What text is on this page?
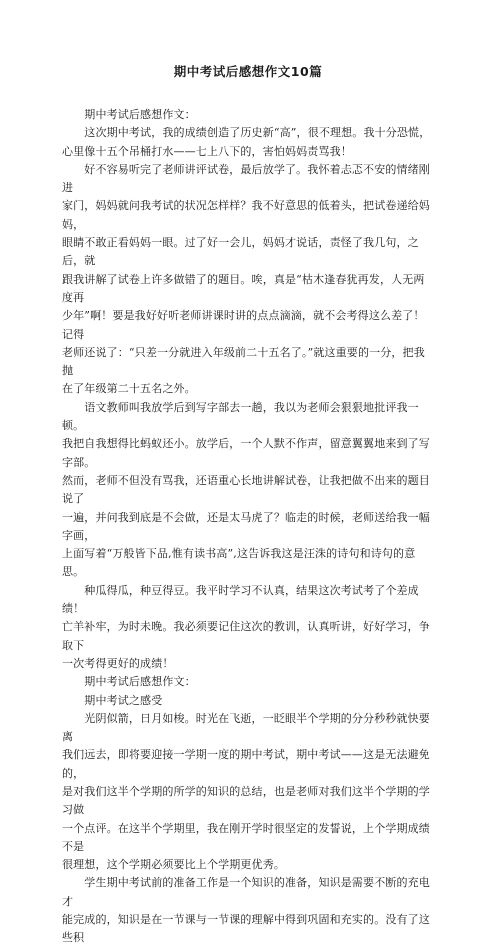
期中考试后感想作文10篇

　　期中考试后感想作文：

　　这次期中考试，我的成绩创造了历史新“高”，很不理想。我十分恐慌，

心里像十五个吊桶打水——七上八下的，害怕妈妈责骂我！

　　好不容易听完了老师讲评试卷，最后放学了。我怀着忐忑不安的情绪刚进

家门，妈妈就问我考试的状况怎样样？我不好意思的低着头，把试卷递给妈妈，

眼睛不敢正看妈妈一眼。过了好一会儿，妈妈才说话，责怪了我几句，之后，就

跟我讲解了试卷上许多做错了的题目。唉，真是“枯木逢春犹再发，人无两度再

少年”啊！要是我好好听老师讲课时讲的点点滴滴，就不会考得这么差了！记得

老师还说了：“只差一分就进入年级前二十五名了。”就这重要的一分，把我抛

在了年级第二十五名之外。

　　语文教师叫我放学后到写字部去一趟，我以为老师会狠狠地批评我一顿。

我把自我想得比蚂蚁还小。放学后，一个人默不作声，留意翼翼地来到了写字部。

然而，老师不但没有骂我，还语重心长地讲解试卷，让我把做不出来的题目说了

一遍，并问我到底是不会做，还是太马虎了？临走的时候，老师送给我一幅字画，

上面写着“万般皆下品,惟有读书高”,这告诉我这是汪洙的诗句和诗句的意思。

　　种瓜得瓜，种豆得豆。我平时学习不认真，结果这次考试考了个差成绩！

亡羊补牢，为时未晚。我必须要记住这次的教训，认真听讲，好好学习，争取下

一次考得更好的成绩！

　　期中考试后感想作文：

　　期中考试之感受

　　光阴似箭，日月如梭。时光在飞逝，一眨眼半个学期的分分秒秒就快要离

我们远去，即将要迎接一学期一度的期中考试，期中考试——这是无法避免的，

是对我们这半个学期的所学的知识的总结，也是老师对我们这半个学期的学习做

一个点评。在这半个学期里，我在刚开学时很坚定的发誓说，上个学期成绩不是

很理想，这个学期必须要比上个学期更优秀。

　　学生期中考试前的准备工作是一个知识的准备，知识是需要不断的充电才

能完成的，知识是在一节课与一节课的理解中得到巩固和充实的。没有了这些积
